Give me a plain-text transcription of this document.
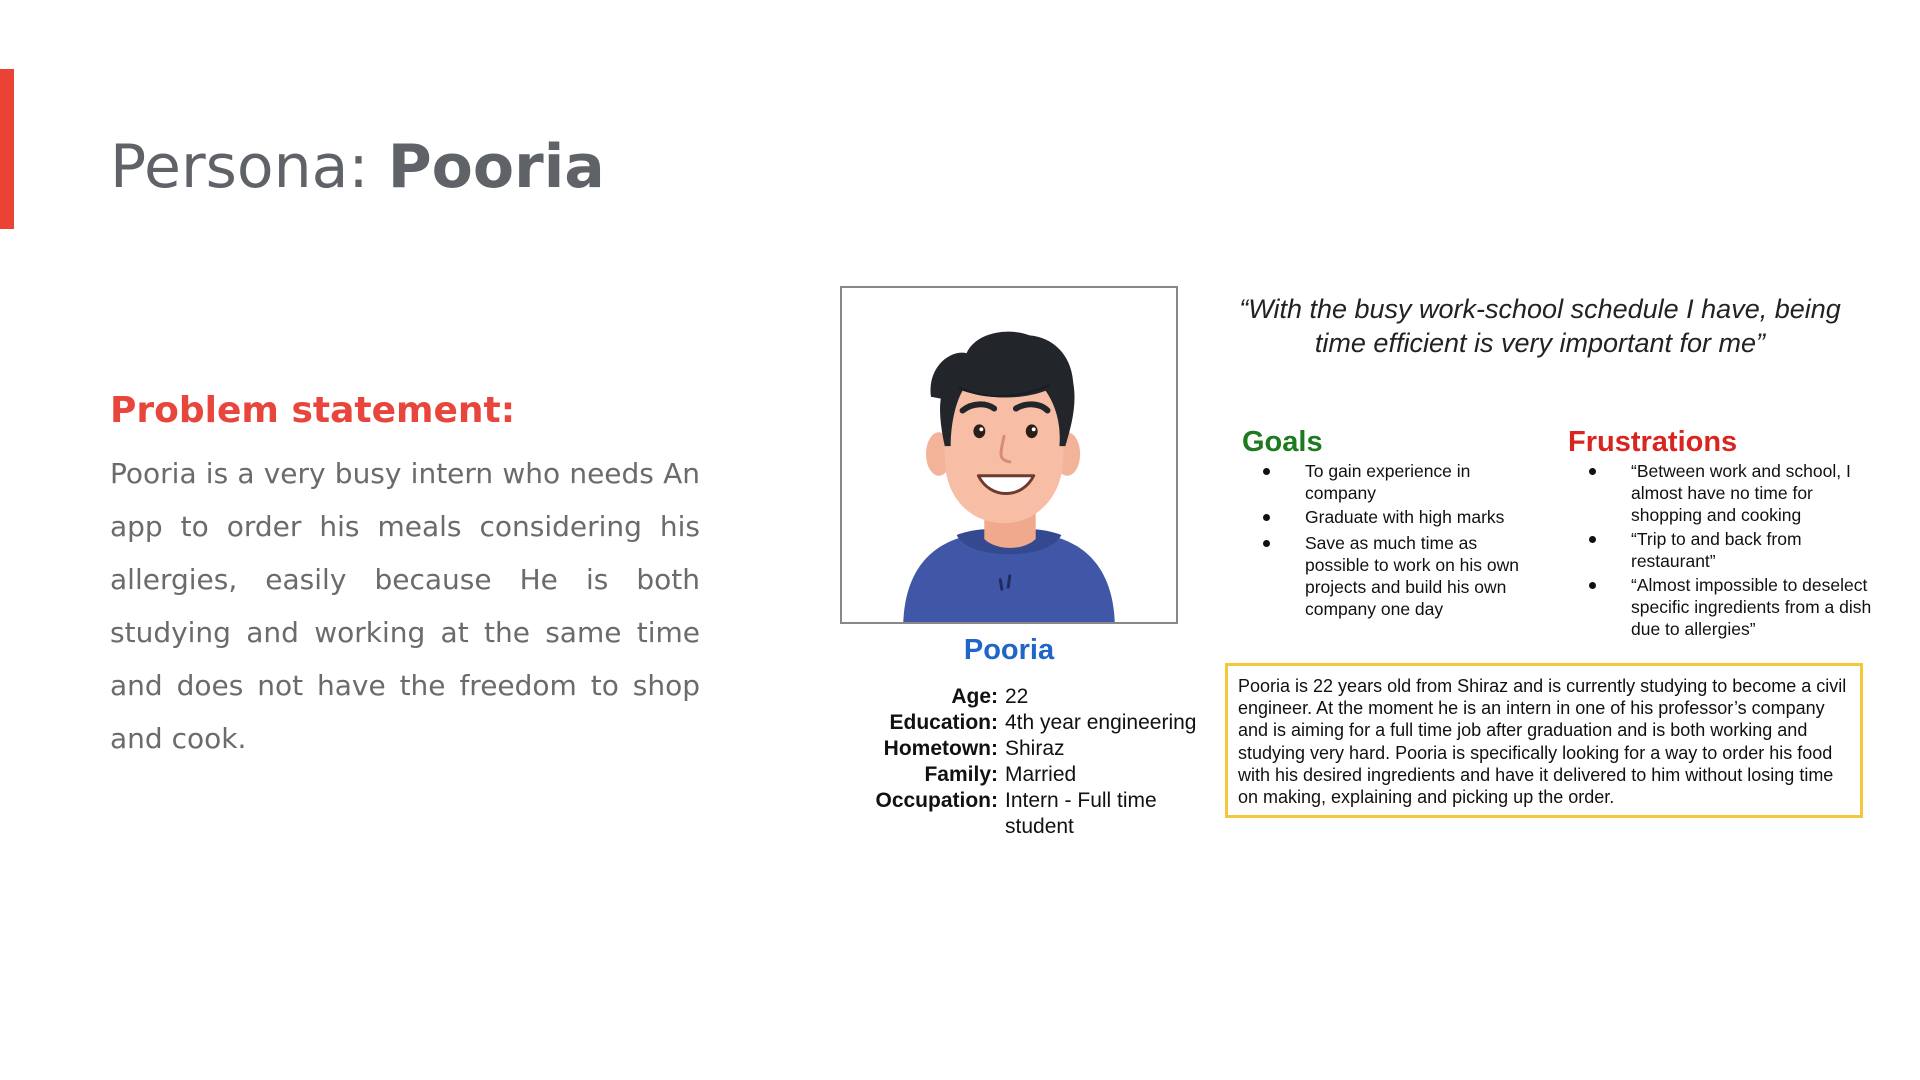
Persona: Pooria
Problem statement:

Pooria is a very busy intern who needs An app to order his meals considering his allergies, easily because He is both studying and working at the same time and does not have the freedom to shop and cook.

Pooria
Age: 22
Education: 4th year engineering
Hometown: Shiraz
Family: Married
Occupation: Intern - Full time student

“With the busy work-school schedule I have, being time efficient is very important for me”

Goals
To gain experience in company
Graduate with high marks
Save as much time as possible to work on his own projects and build his own company one day
Frustrations
“Between work and school, I almost have no time for shopping and cooking
“Trip to and back from restaurant”
“Almost impossible to deselect specific ingredients from a dish due to allergies”

Pooria is 22 years old from Shiraz and is currently studying to become a civil engineer. At the moment he is an intern in one of his professor’s company and is aiming for a full time job after graduation and is both working and studying very hard. Pooria is specifically looking for a way to order his food with his desired ingredients and have it delivered to him without losing time on making, explaining and picking up the order.
